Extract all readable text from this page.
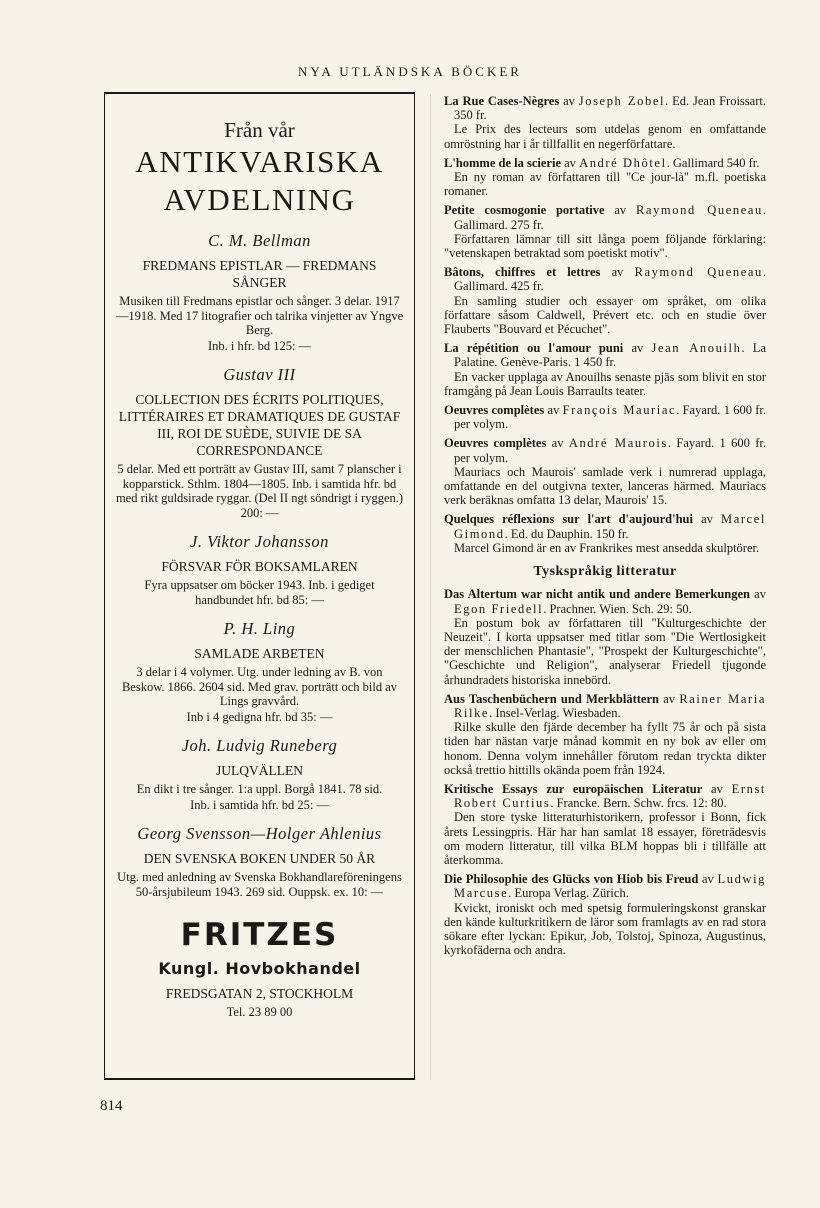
NYA UTLÄNDSKA BÖCKER
Från vår
ANTIKVARISKA
AVDELNING
C. M. Bellman
FREDMANS EPISTLAR — FREDMANS SÅNGER
Musiken till Fredmans epistlar och sånger. 3 delar. 1917—1918. Med 17 litografier och talrika vinjetter av Yngve Berg.
Inb. i hfr. bd 125: —
Gustav III
COLLECTION DES ÉCRITS POLITIQUES, LITTÉRAIRES ET DRAMATIQUES DE GUSTAF III, ROI DE SUÈDE, SUIVIE DE SA CORRESPONDANCE
5 delar. Med ett porträtt av Gustav III, samt 7 planscher i kopparstick. Sthlm. 1804—1805. Inb. i samtida hfr. bd med rikt guldsirade ryggar. (Del II ngt söndrigt i ryggen.) 200: —
J. Viktor Johansson
FÖRSVAR FÖR BOKSAMLAREN
Fyra uppsatser om böcker 1943. Inb. i gediget handbundet hfr. bd 85: —
P. H. Ling
SAMLADE ARBETEN
3 delar i 4 volymer. Utg. under ledning av B. von Beskow. 1866. 2604 sid. Med grav. porträtt och bild av Lings gravvård.
Inb i 4 gedigna hfr. bd 35: —
Joh. Ludvig Runeberg
JULQVÄLLEN
En dikt i tre sånger. 1:a uppl. Borgå 1841. 78 sid.
Inb. i samtida hfr. bd 25: —
Georg Svensson—Holger Ahlenius
DEN SVENSKA BOKEN UNDER 50 ÅR
Utg. med anledning av Svenska Bokhandlareföreningens 50-årsjubileum 1943. 269 sid. Ouppsk. ex. 10: —
FRITZES
Kungl. Hovbokhandel
FREDSGATAN 2, STOCKHOLM
Tel. 23 89 00
La Rue Cases-Nègres av Joseph Zobel. Ed. Jean Froissart. 350 fr.

Le Prix des lecteurs som utdelas genom en omfattande omröstning har i år tillfallit en negerförfattare.

L'homme de la scierie av André Dhôtel. Gallimard 540 fr.

En ny roman av författaren till "Ce jour-là" m.fl. poetiska romaner.

Petite cosmogonie portative av Raymond Queneau. Gallimard. 275 fr.

Författaren lämnar till sitt långa poem följande förklaring: "vetenskapen betraktad som poetiskt motiv".

Bâtons, chiffres et lettres av Raymond Queneau. Gallimard. 425 fr.

En samling studier och essayer om språket, om olika författare såsom Caldwell, Prévert etc. och en studie över Flauberts "Bouvard et Pécuchet".

La répétition ou l'amour puni av Jean Anouilh. La Palatine. Genève-Paris. 1 450 fr.

En vacker upplaga av Anouilhs senaste pjäs som blivit en stor framgång på Jean Louis Barraults teater.

Oeuvres complètes av François Mauriac. Fayard. 1 600 fr. per volym.
Oeuvres complètes av André Maurois. Fayard. 1 600 fr. per volym.

Mauriacs och Maurois' samlade verk i numrerad upplaga, omfattande en del outgivna texter, lanceras härmed. Mauriacs verk beräknas omfatta 13 delar, Maurois' 15.

Quelques réflexions sur l'art d'aujourd'hui av Marcel Gimond. Ed. du Dauphin. 150 fr.

Marcel Gimond är en av Frankrikes mest ansedda skulptörer.

Tyskspråkig litteratur
Das Altertum war nicht antik und andere Bemerkungen av Egon Friedell. Prachner. Wien. Sch. 29: 50.

En postum bok av författaren till "Kulturgeschichte der Neuzeit". I korta uppsatser med titlar som "Die Wertlosigkeit der menschlichen Phantasie", "Prospekt der Kulturgeschichte", "Geschichte und Religion", analyserar Friedell tjugonde århundradets historiska innebörd.

Aus Taschenbüchern und Merkblättern av Rainer Maria Rilke. Insel-Verlag. Wiesbaden.

Rilke skulle den fjärde december ha fyllt 75 år och på sista tiden har nästan varje månad kommit en ny bok av eller om honom. Denna volym innehåller förutom redan tryckta dikter också trettio hittills okända poem från 1924.

Kritische Essays zur europäischen Literatur av Ernst Robert Curtius. Francke. Bern. Schw. frcs. 12: 80.

Den store tyske litteraturhistorikern, professor i Bonn, fick årets Lessingpris. Här har han samlat 18 essayer, företrädesvis om modern litteratur, till vilka BLM hoppas bli i tillfälle att återkomma.

Die Philosophie des Glücks von Hiob bis Freud av Ludwig Marcuse. Europa Verlag. Zürich.

Kvickt, ironiskt och med spetsig formuleringskonst granskar den kände kulturkritikern de läror som framlagts av en rad stora sökare efter lyckan: Epikur, Job, Tolstoj, Spinoza, Augustinus, kyrkofäderna och andra.

814
